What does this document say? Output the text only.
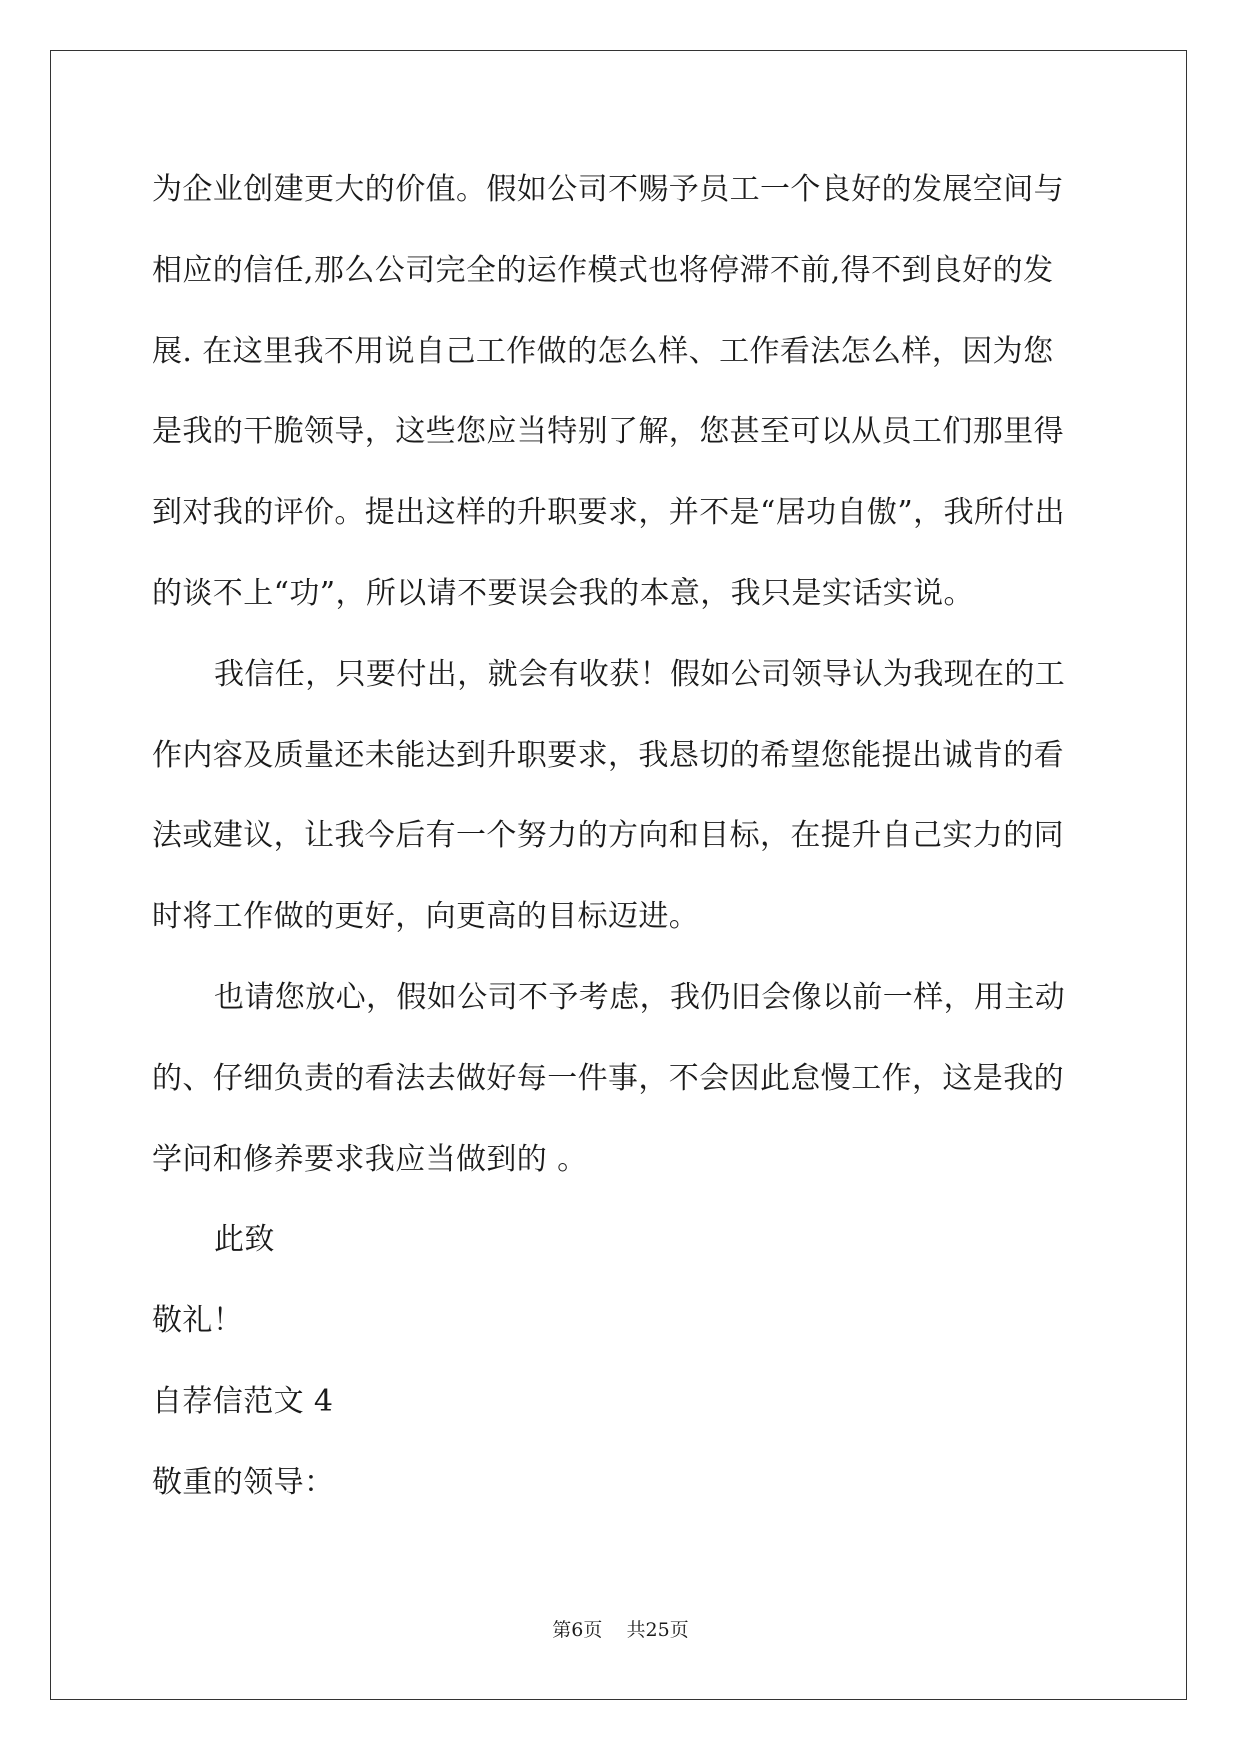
为企业创建更大的价值。假如公司不赐予员工一个良好的发展空间与
相应的信任,那么公司完全的运作模式也将停滞不前,得不到良好的发
展. 在这里我不用说自己工作做的怎么样、工作看法怎么样，因为您
是我的干脆领导，这些您应当特别了解，您甚至可以从员工们那里得
到对我的评价。提出这样的升职要求，并不是“居功自傲”，我所付出
的谈不上“功”，所以请不要误会我的本意，我只是实话实说。
我信任，只要付出，就会有收获！假如公司领导认为我现在的工
作内容及质量还未能达到升职要求，我恳切的希望您能提出诚肯的看
法或建议，让我今后有一个努力的方向和目标，在提升自己实力的同
时将工作做的更好，向更高的目标迈进。
也请您放心，假如公司不予考虑，我仍旧会像以前一样，用主动
的、仔细负责的看法去做好每一件事，不会因此怠慢工作，这是我的
学问和修养要求我应当做到的 。
此致
敬礼！
自荐信范文 4
敬重的领导：
第6页 共25页
